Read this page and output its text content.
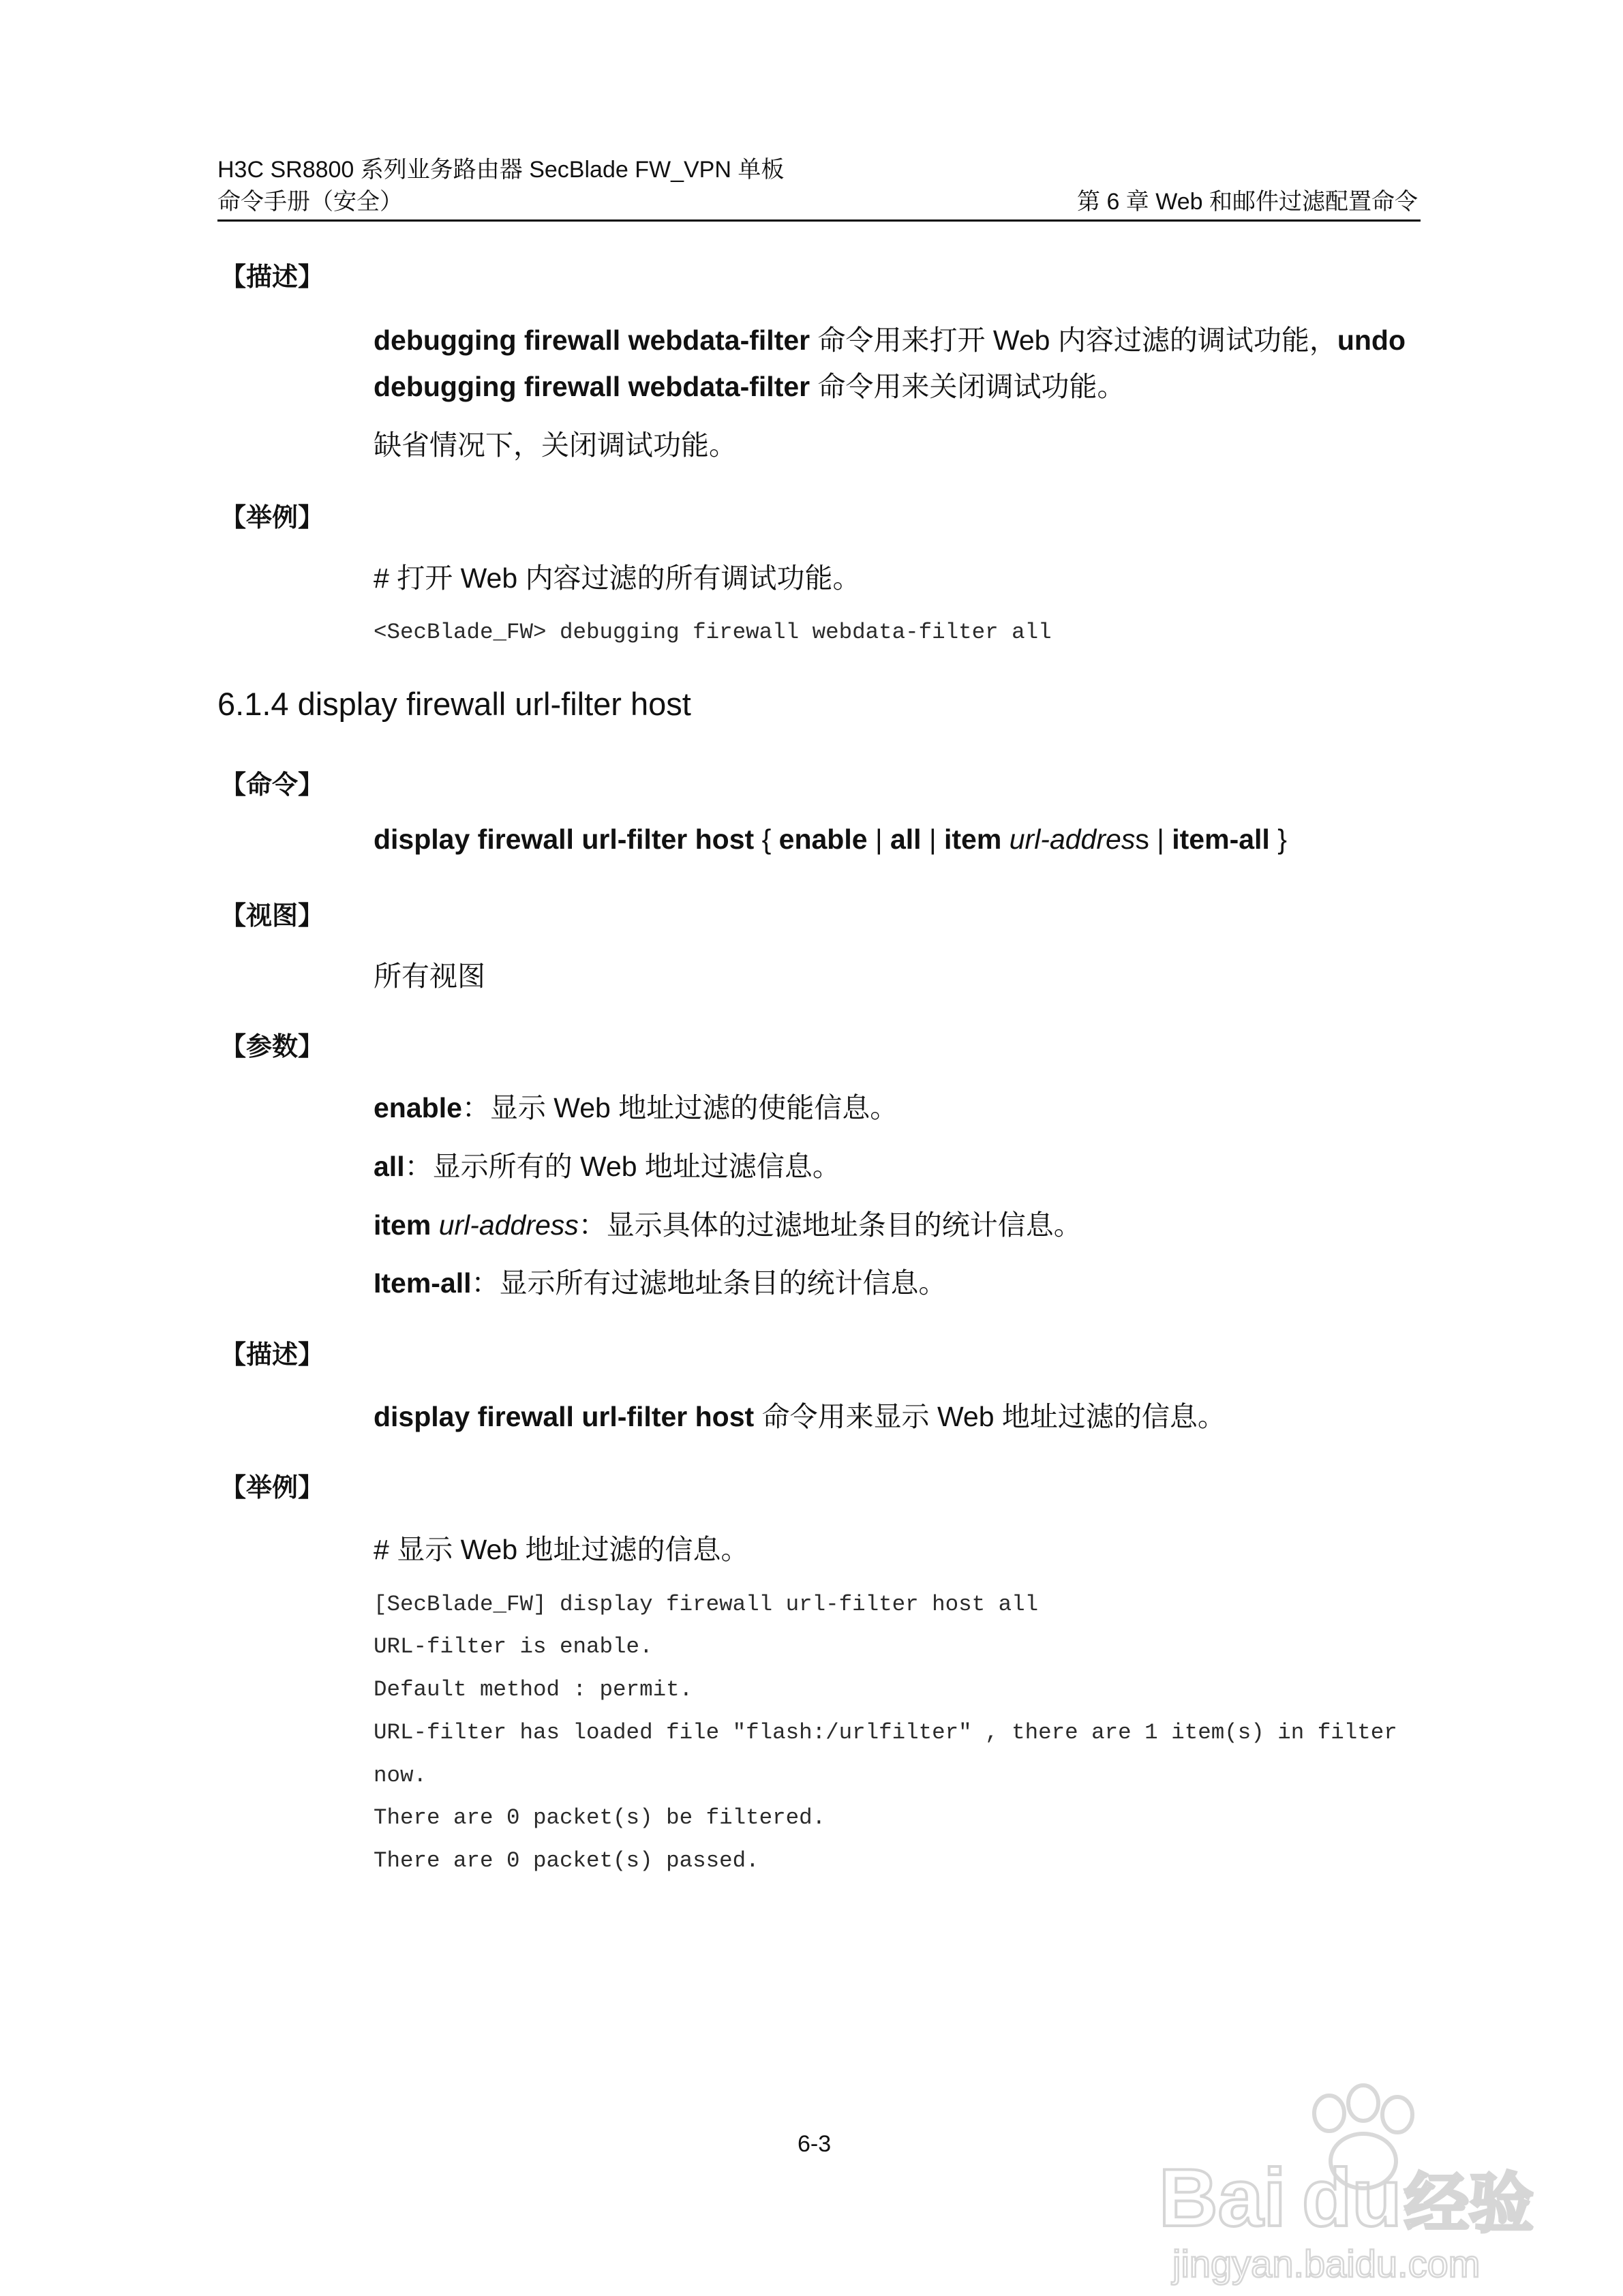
H3C SR8800 系列业务路由器 SecBlade FW_VPN 单板
命令手册（安全）	第 6 章 Web 和邮件过滤配置命令
【描述】
debugging firewall webdata-filter 命令用来打开 Web 内容过滤的调试功能，undo
debugging firewall webdata-filter 命令用来关闭调试功能。
缺省情况下，关闭调试功能。
【举例】
# 打开 Web 内容过滤的所有调试功能。
<SecBlade_FW> debugging firewall webdata-filter all
6.1.4 display firewall url-filter host
【命令】
display firewall url-filter host { enable | all | item url-address | item-all }
【视图】
所有视图
【参数】
enable：显示 Web 地址过滤的使能信息。
all：显示所有的 Web 地址过滤信息。
item url-address：显示具体的过滤地址条目的统计信息。
Item-all：显示所有过滤地址条目的统计信息。
【描述】
display firewall url-filter host 命令用来显示 Web 地址过滤的信息。
【举例】
# 显示 Web 地址过滤的信息。
[SecBlade_FW] display firewall url-filter host all
URL-filter is enable.
Default method : permit.
URL-filter has loaded file "flash:/urlfilter" , there are 1 item(s) in filter
now.
There are 0 packet(s) be filtered.
There are 0 packet(s) passed.
6-3
Bai du 经验
jingyan.baidu.com
